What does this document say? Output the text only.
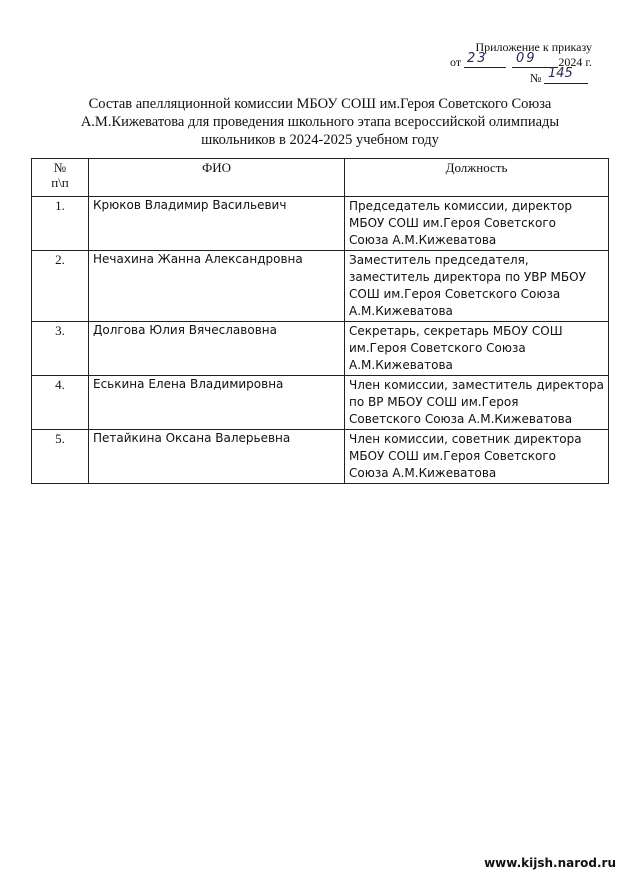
Приложение к приказу
от 23 09 2024 г.
№ 145
Состав апелляционной комиссии МБОУ СОШ им.Героя Советского Союза
А.М.Кижеватова для проведения школьного этапа всероссийской олимпиады
школьников в 2024-2025 учебном году
№
п\п	ФИО	Должность
1.	Крюков Владимир Васильевич	Председатель комиссии, директор
МБОУ СОШ им.Героя Советского
Союза А.М.Кижеватова

2.	Нечахина Жанна Александровна	Заместитель председателя,
заместитель директора по УВР МБОУ
СОШ им.Героя Советского Союза
А.М.Кижеватова

3.	Долгова Юлия Вячеславовна	Секретарь, секретарь МБОУ СОШ
им.Героя Советского Союза
А.М.Кижеватова

4.	Еськина Елена Владимировна	Член комиссии, заместитель директора
по ВР МБОУ СОШ им.Героя
Советского Союза А.М.Кижеватова

5.	Петайкина Оксана Валерьевна	Член комиссии, советник директора
МБОУ СОШ им.Героя Советского
Союза А.М.Кижеватова
www.kijsh.narod.ru
